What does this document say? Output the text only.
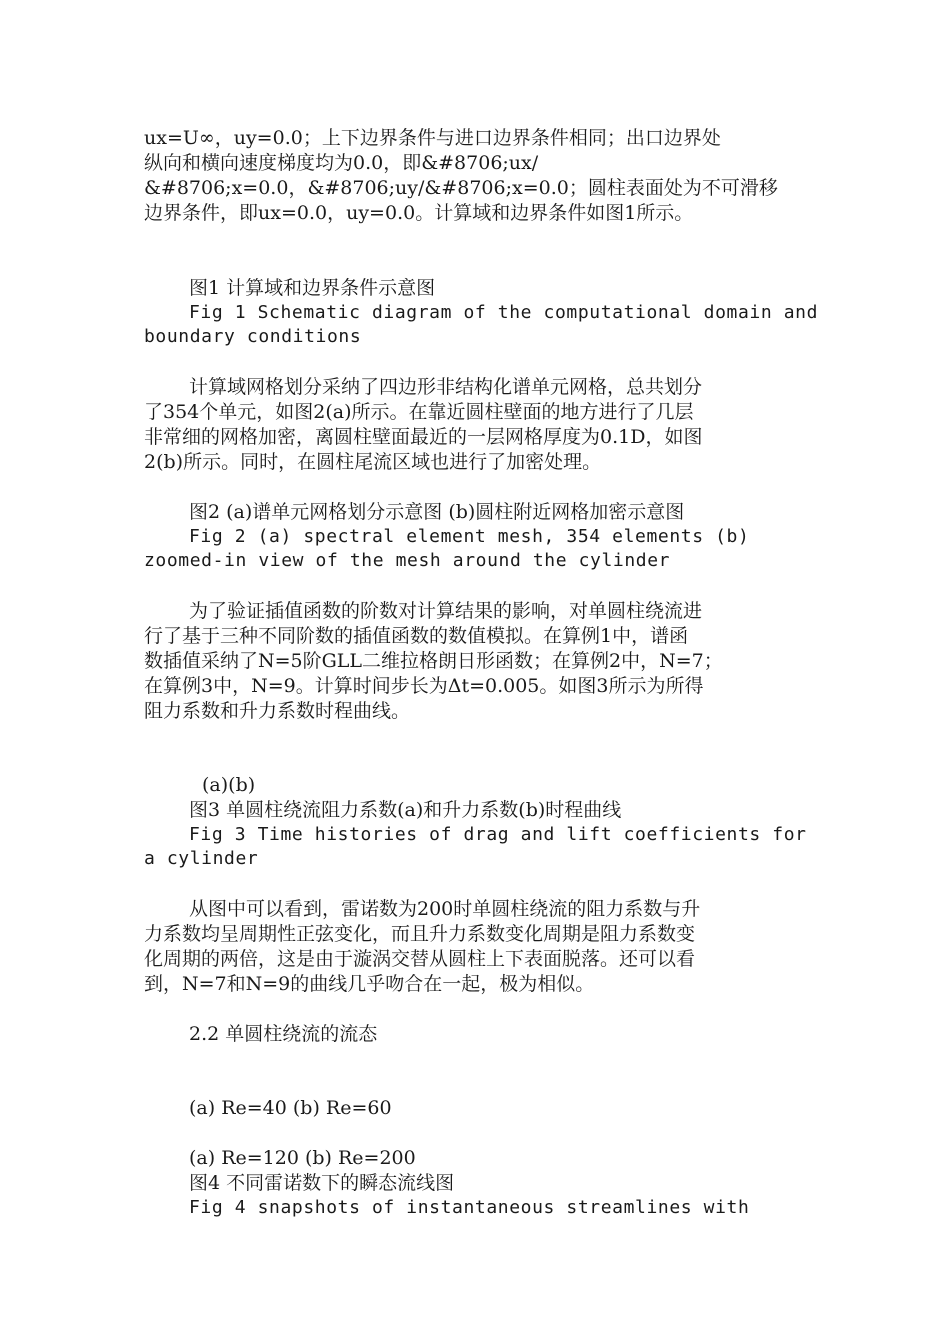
ux=U∞，uy=0.0；上下边界条件与进口边界条件相同；出口边界处
纵向和横向速度梯度均为0.0，即&#8706;ux/
&#8706;x=0.0，&#8706;uy/&#8706;x=0.0；圆柱表面处为不可滑移
边界条件，即ux=0.0，uy=0.0。计算域和边界条件如图1所示。
图1 计算域和边界条件示意图
Fig 1 Schematic diagram of the computational domain and
boundary conditions
计算域网格划分采纳了四边形非结构化谱单元网格，总共划分
了354个单元，如图2(a)所示。在靠近圆柱壁面的地方进行了几层
非常细的网格加密，离圆柱壁面最近的一层网格厚度为0.1D，如图
2(b)所示。同时，在圆柱尾流区域也进行了加密处理。
图2 (a)谱单元网格划分示意图 (b)圆柱附近网格加密示意图
Fig 2 (a) spectral element mesh, 354 elements (b)
zoomed-in view of the mesh around the cylinder
为了验证插值函数的阶数对计算结果的影响，对单圆柱绕流进
行了基于三种不同阶数的插值函数的数值模拟。在算例1中，谱函
数插值采纳了N=5阶GLL二维拉格朗日形函数；在算例2中，N=7；
在算例3中，N=9。计算时间步长为Δt=0.005。如图3所示为所得
阻力系数和升力系数时程曲线。
(a)(b)
图3 单圆柱绕流阻力系数(a)和升力系数(b)时程曲线
Fig 3 Time histories of drag and lift coefficients for
a cylinder
从图中可以看到，雷诺数为200时单圆柱绕流的阻力系数与升
力系数均呈周期性正弦变化，而且升力系数变化周期是阻力系数变
化周期的两倍，这是由于漩涡交替从圆柱上下表面脱落。还可以看
到，N=7和N=9的曲线几乎吻合在一起，极为相似。
2.2 单圆柱绕流的流态
(a) Re=40 (b) Re=60
(a) Re=120 (b) Re=200
图4 不同雷诺数下的瞬态流线图
Fig 4 snapshots of instantaneous streamlines with
